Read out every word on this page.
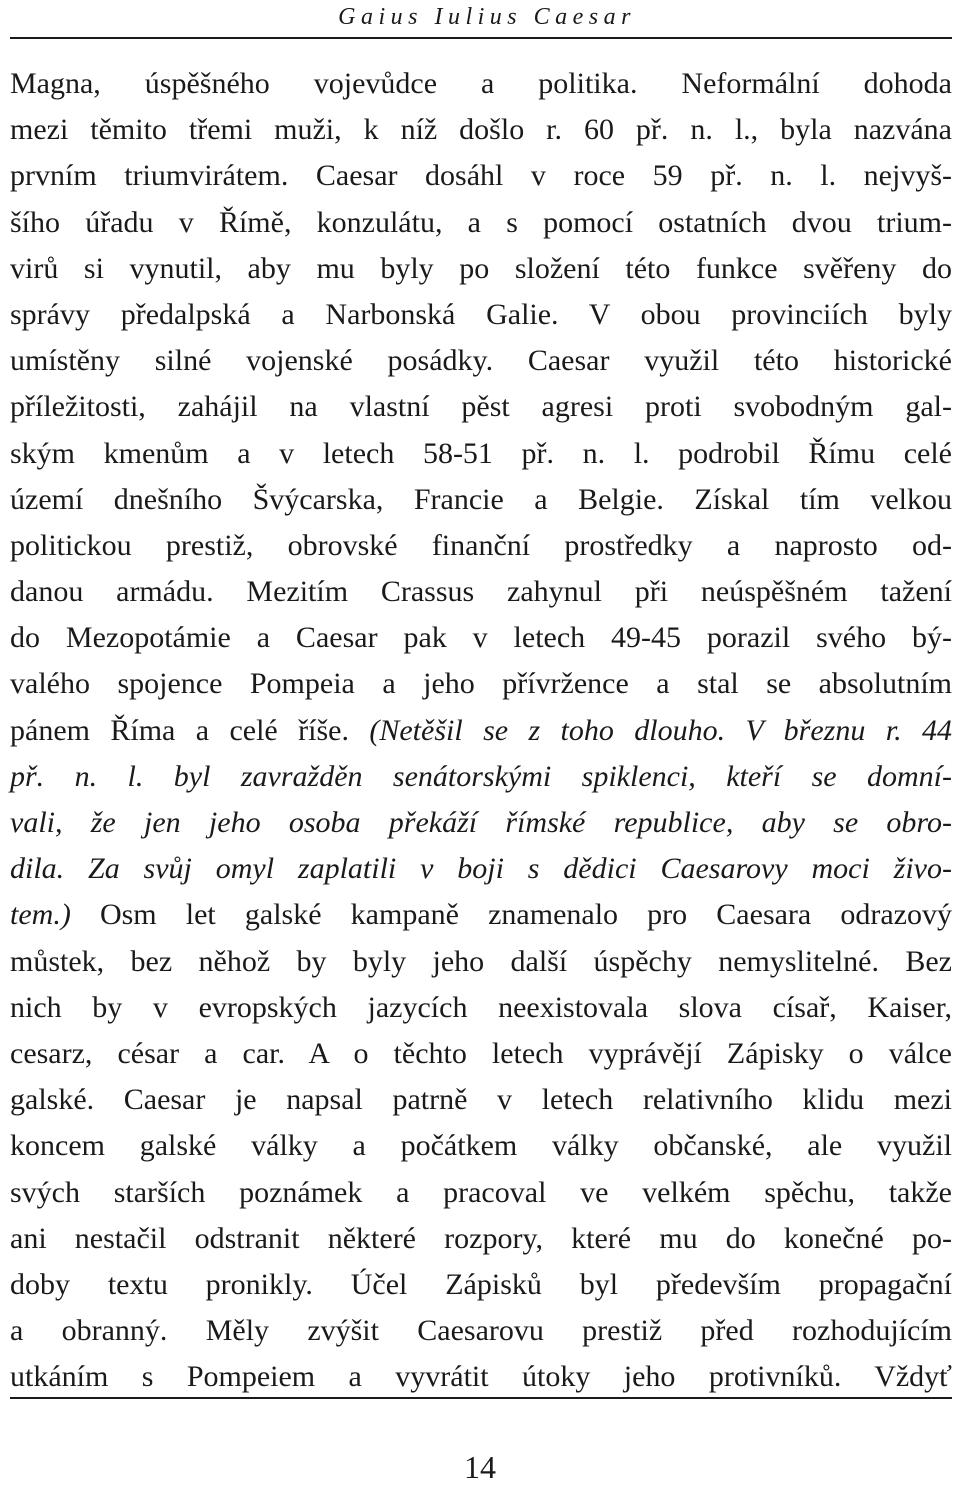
Gaius Iulius Caesar
Magna, úspěšného vojevůdce a politika. Neformální dohoda
mezi těmito třemi muži, k níž došlo r. 60 př. n. l., byla nazvána
prvním triumvirátem. Caesar dosáhl v roce 59 př. n. l. nejvyš-
šího úřadu v Římě, konzulátu, a s pomocí ostatních dvou trium-
virů si vynutil, aby mu byly po složení této funkce svěřeny do
správy předalpská a Narbonská Galie. V obou provinciích byly
umístěny silné vojenské posádky. Caesar využil této historické
příležitosti, zahájil na vlastní pěst agresi proti svobodným gal-
ským kmenům a v letech 58-51 př. n. l. podrobil Římu celé
území dnešního Švýcarska, Francie a Belgie. Získal tím velkou
politickou prestiž, obrovské finanční prostředky a naprosto od-
danou armádu. Mezitím Crassus zahynul při neúspěšném tažení
do Mezopotámie a Caesar pak v letech 49-45 porazil svého bý-
valého spojence Pompeia a jeho přívržence a stal se absolutním
pánem Říma a celé říše. (Netěšil se z toho dlouho. V březnu r. 44
př. n. l. byl zavražděn senátorskými spiklenci, kteří se domní-
vali, že jen jeho osoba překáží římské republice, aby se obro-
dila. Za svůj omyl zaplatili v boji s dědici Caesarovy moci živo-
tem.) Osm let galské kampaně znamenalo pro Caesara odrazový
můstek, bez něhož by byly jeho další úspěchy nemyslitelné. Bez
nich by v evropských jazycích neexistovala slova císař, Kaiser,
cesarz, césar a car. A o těchto letech vyprávějí Zápisky o válce
galské. Caesar je napsal patrně v letech relativního klidu mezi
koncem galské války a počátkem války občanské, ale využil
svých starších poznámek a pracoval ve velkém spěchu, takže
ani nestačil odstranit některé rozpory, které mu do konečné po-
doby textu pronikly. Účel Zápisků byl především propagační
a obranný. Měly zvýšit Caesarovu prestiž před rozhodujícím
utkáním s Pompeiem a vyvrátit útoky jeho protivníků. Vždyť
14
